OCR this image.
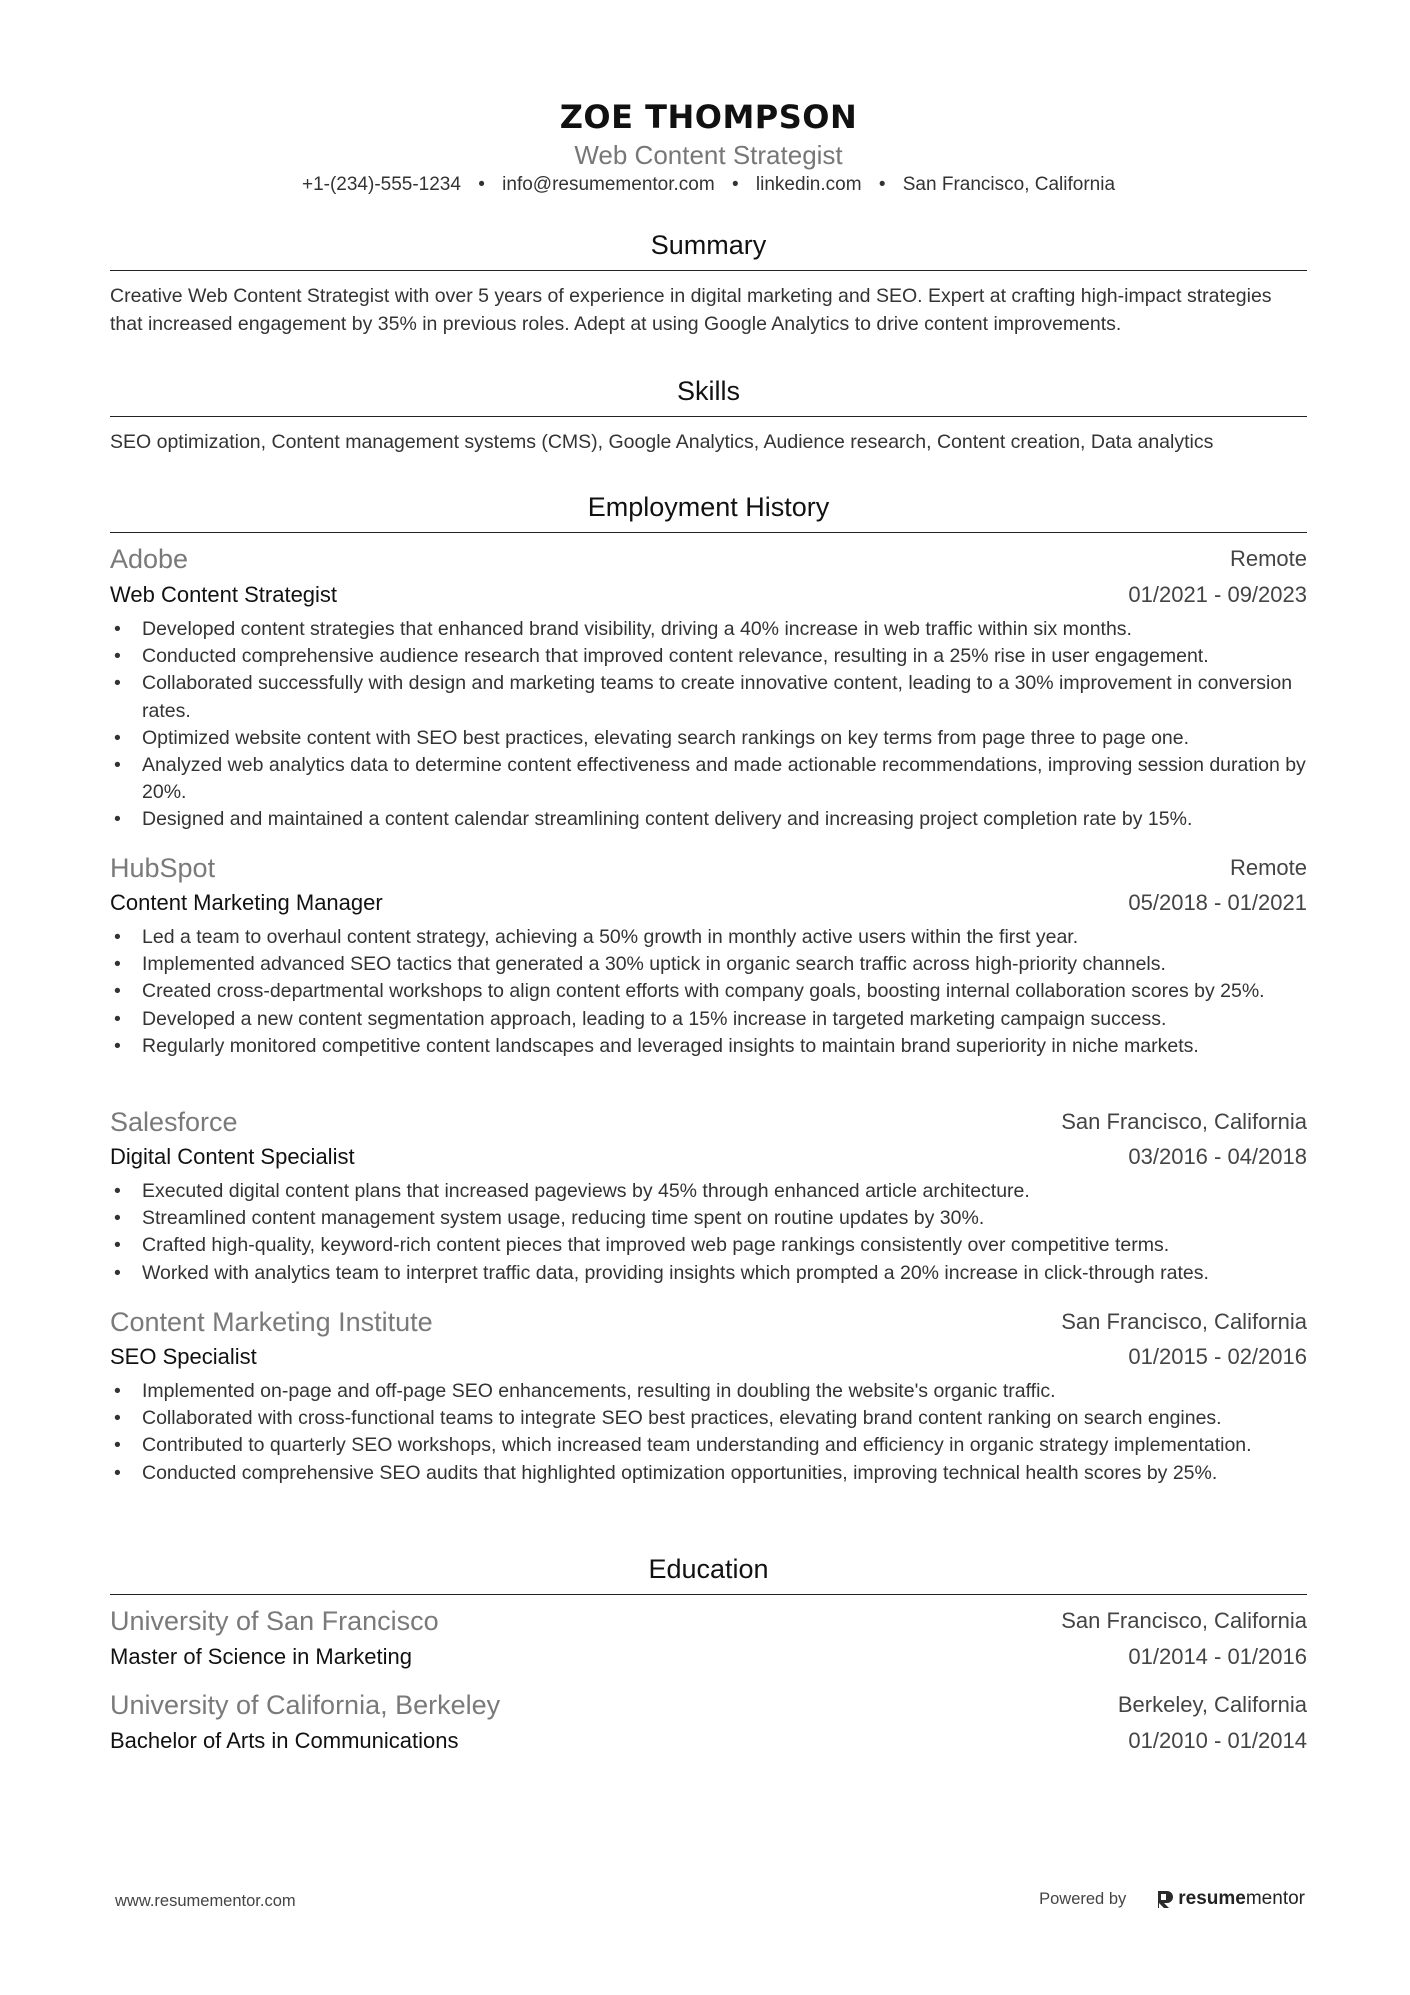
ZOE THOMPSON
Web Content Strategist
+1-(234)-555-1234 • info@resumementor.com • linkedin.com • San Francisco, California
Summary
Creative Web Content Strategist with over 5 years of experience in digital marketing and SEO. Expert at crafting high-impact strategies that increased engagement by 35% in previous roles. Adept at using Google Analytics to drive content improvements.
Skills
SEO optimization, Content management systems (CMS), Google Analytics, Audience research, Content creation, Data analytics
Employment History
Adobe	Remote
Web Content Strategist	01/2021 - 09/2023
• Developed content strategies that enhanced brand visibility, driving a 40% increase in web traffic within six months.
• Conducted comprehensive audience research that improved content relevance, resulting in a 25% rise in user engagement.
• Collaborated successfully with design and marketing teams to create innovative content, leading to a 30% improvement in conversion rates.
• Optimized website content with SEO best practices, elevating search rankings on key terms from page three to page one.
• Analyzed web analytics data to determine content effectiveness and made actionable recommendations, improving session duration by 20%.
• Designed and maintained a content calendar streamlining content delivery and increasing project completion rate by 15%.
HubSpot	Remote
Content Marketing Manager	05/2018 - 01/2021
• Led a team to overhaul content strategy, achieving a 50% growth in monthly active users within the first year.
• Implemented advanced SEO tactics that generated a 30% uptick in organic search traffic across high-priority channels.
• Created cross-departmental workshops to align content efforts with company goals, boosting internal collaboration scores by 25%.
• Developed a new content segmentation approach, leading to a 15% increase in targeted marketing campaign success.
• Regularly monitored competitive content landscapes and leveraged insights to maintain brand superiority in niche markets.
Salesforce	San Francisco, California
Digital Content Specialist	03/2016 - 04/2018
• Executed digital content plans that increased pageviews by 45% through enhanced article architecture.
• Streamlined content management system usage, reducing time spent on routine updates by 30%.
• Crafted high-quality, keyword-rich content pieces that improved web page rankings consistently over competitive terms.
• Worked with analytics team to interpret traffic data, providing insights which prompted a 20% increase in click-through rates.
Content Marketing Institute	San Francisco, California
SEO Specialist	01/2015 - 02/2016
• Implemented on-page and off-page SEO enhancements, resulting in doubling the website's organic traffic.
• Collaborated with cross-functional teams to integrate SEO best practices, elevating brand content ranking on search engines.
• Contributed to quarterly SEO workshops, which increased team understanding and efficiency in organic strategy implementation.
• Conducted comprehensive SEO audits that highlighted optimization opportunities, improving technical health scores by 25%.
Education
University of San Francisco	San Francisco, California
Master of Science in Marketing	01/2014 - 01/2016
University of California, Berkeley	Berkeley, California
Bachelor of Arts in Communications	01/2010 - 01/2014
www.resumementor.com	Powered by	resume mentor
